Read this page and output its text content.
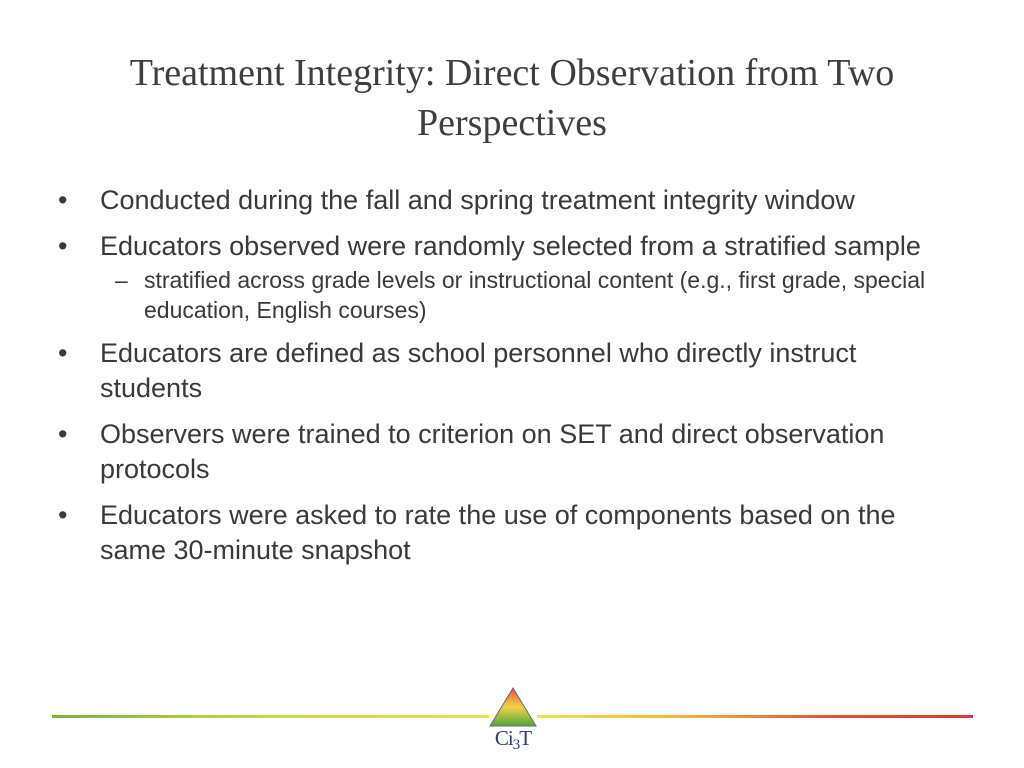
Treatment Integrity: Direct Observation from Two Perspectives
•	Conducted during the fall and spring treatment integrity window
•	Educators observed were randomly selected from a stratified sample
– stratified across grade levels or instructional content (e.g., first grade, special education, English courses)
•	Educators are defined as school personnel who directly instruct students
•	Observers were trained to criterion on SET and direct observation protocols
•	Educators were asked to rate the use of components based on the same 30-minute snapshot
Ci3T
